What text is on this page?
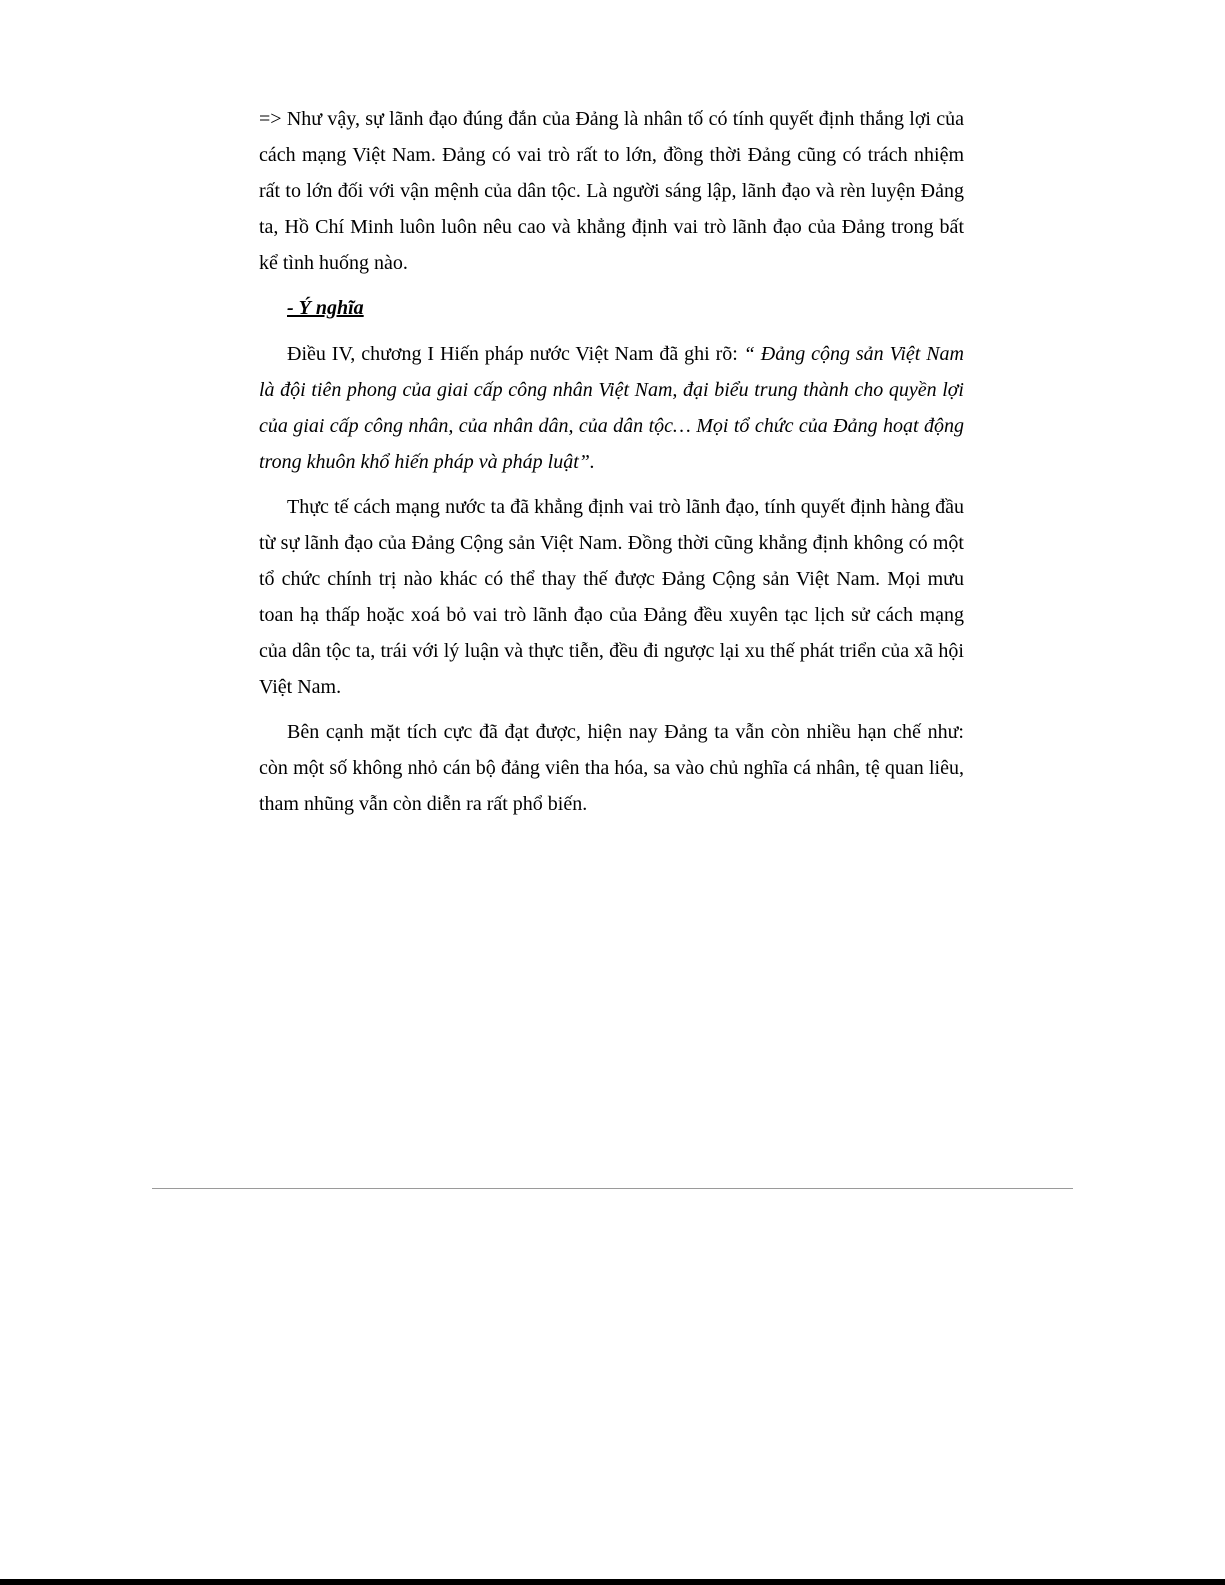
=> Như vậy, sự lãnh đạo đúng đắn của Đảng là nhân tố có tính quyết định thắng lợi của cách mạng Việt Nam. Đảng có vai trò rất to lớn, đồng thời Đảng cũng có trách nhiệm rất to lớn đối với vận mệnh của dân tộc. Là người sáng lập, lãnh đạo và rèn luyện Đảng ta, Hồ Chí Minh luôn luôn nêu cao và khẳng định vai trò lãnh đạo của Đảng trong bất kể tình huống nào.

- Ý nghĩa

Điều IV, chương I Hiến pháp nước Việt Nam đã ghi rõ: “ Đảng cộng sản Việt Nam là đội tiên phong của giai cấp công nhân Việt Nam, đại biểu trung thành cho quyền lợi của giai cấp công nhân, của nhân dân, của dân tộc… Mọi tổ chức của Đảng hoạt động trong khuôn khổ hiến pháp và pháp luật”.

Thực tế cách mạng nước ta đã khẳng định vai trò lãnh đạo, tính quyết định hàng đầu từ sự lãnh đạo của Đảng Cộng sản Việt Nam. Đồng thời cũng khẳng định không có một tổ chức chính trị nào khác có thể thay thế được Đảng Cộng sản Việt Nam. Mọi mưu toan hạ thấp hoặc xoá bỏ vai trò lãnh đạo của Đảng đều xuyên tạc lịch sử cách mạng của dân tộc ta, trái với lý luận và thực tiễn, đều đi ngược lại xu thế phát triển của xã hội Việt Nam.

Bên cạnh mặt tích cực đã đạt được, hiện nay Đảng ta vẫn còn nhiều hạn chế như: còn một số không nhỏ cán bộ đảng viên tha hóa, sa vào chủ nghĩa cá nhân, tệ quan liêu, tham nhũng vẫn còn diễn ra rất phổ biến.
